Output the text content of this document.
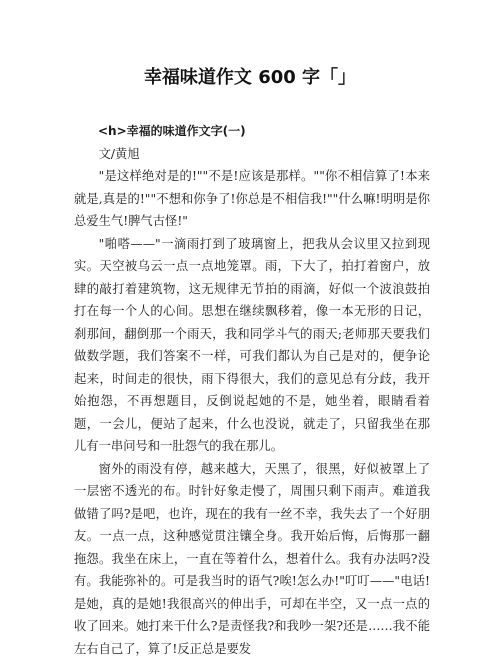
幸福味道作文 600 字「」

<h>幸福的味道作文字(一)

文/黄旭

"是这样绝对是的!""不是!应该是那样。""你不相信算了!本来就是,真是的!""不想和你争了!你总是不相信我!""什么嘛!明明是你总爱生气!脾气古怪!"

"啪嗒——"一滴雨打到了玻璃窗上，把我从会议里又拉到现实。天空被乌云一点一点地笼罩。雨，下大了，拍打着窗户，放肆的敲打着建筑物，这无规律无节拍的雨滴，好似一个波浪鼓拍打在每一个人的心间。思想在继续飘移着，像一本无形的日记，刹那间，翻倒那一个雨天，我和同学斗气的雨天;老师那天要我们做数学题，我们答案不一样，可我们都认为自己是对的，便争论起来，时间走的很快，雨下得很大，我们的意见总有分歧，我开始抱怨，不再想题目，反倒说起她的不是，她坐着，眼睛看着题，一会儿，便站了起来，什么也没说，就走了，只留我坐在那儿有一串问号和一肚怨气的我在那儿。

窗外的雨没有停，越来越大，天黑了，很黑，好似被罩上了一层密不透光的布。时针好象走慢了，周围只剩下雨声。难道我做错了吗?是吧，也许，现在的我有一丝不幸，我失去了一个好朋友。一点一点，这种感觉贯注镶全身。我开始后悔，后悔那一翻拖怨。我坐在床上，一直在等着什么，想着什么。我有办法吗?没有。我能弥补的。可是我当时的语气?唉!怎么办!"叮叮——"电话!是她，真的是她!我很高兴的伸出手，可却在半空，又一点一点的收了回来。她打来干什么?是责怪我?和我吵一架?还是……我不能左右自己了，算了!反正总是要发
